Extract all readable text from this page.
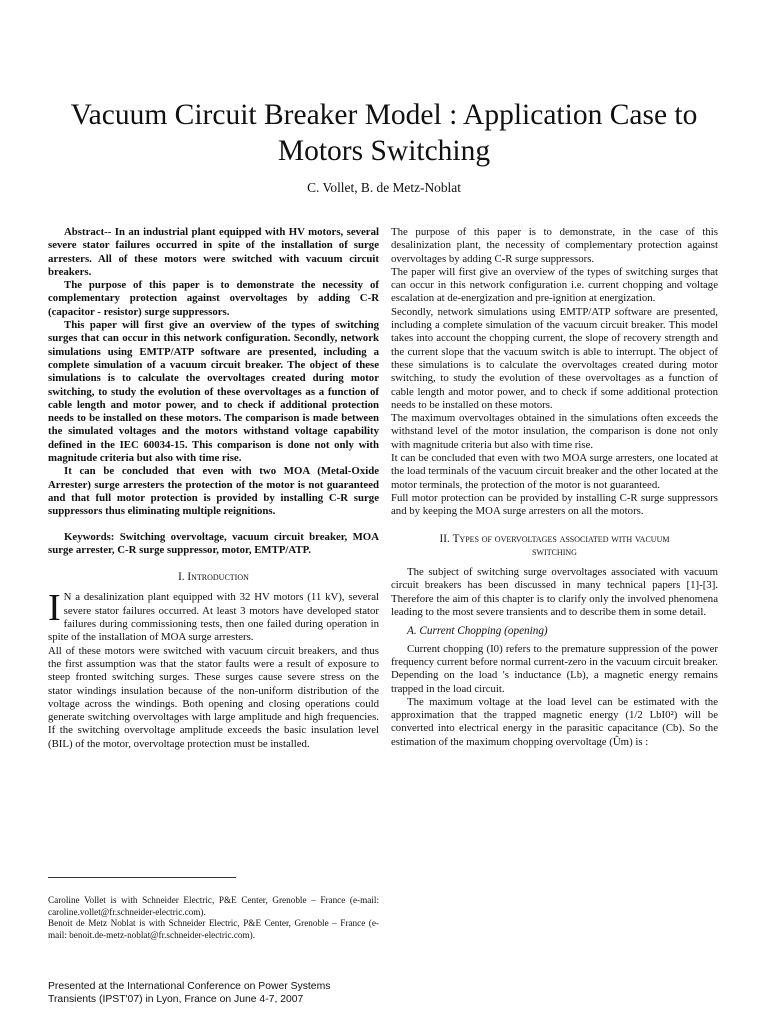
Vacuum Circuit Breaker Model : Application Case to Motors Switching
C. Vollet, B. de Metz-Noblat

Abstract-- In an industrial plant equipped with HV motors, several severe stator failures occurred in spite of the installation of surge arresters. All of these motors were switched with vacuum circuit breakers.

The purpose of this paper is to demonstrate the necessity of complementary protection against overvoltages by adding C-R (capacitor - resistor) surge suppressors.

This paper will first give an overview of the types of switching surges that can occur in this network configuration. Secondly, network simulations using EMTP/ATP software are presented, including a complete simulation of a vacuum circuit breaker. The object of these simulations is to calculate the overvoltages created during motor switching, to study the evolution of these overvoltages as a function of cable length and motor power, and to check if additional protection needs to be installed on these motors. The comparison is made between the simulated voltages and the motors withstand voltage capability defined in the IEC 60034-15. This comparison is done not only with magnitude criteria but also with time rise.

It can be concluded that even with two MOA (Metal-Oxide Arrester) surge arresters the protection of the motor is not guaranteed and that full motor protection is provided by installing C-R surge suppressors thus eliminating multiple reignitions.

Keywords: Switching overvoltage, vacuum circuit breaker, MOA surge arrester, C-R surge suppressor, motor, EMTP/ATP.

I. Introduction

I N a desalinization plant equipped with 32 HV motors (11 kV), several severe stator failures occurred. At least 3 motors have developed stator failures during commissioning tests, then one failed during operation in spite of the installation of MOA surge arresters.

All of these motors were switched with vacuum circuit breakers, and thus the first assumption was that the stator faults were a result of exposure to steep fronted switching surges. These surges cause severe stress on the stator windings insulation because of the non-uniform distribution of the voltage across the windings. Both opening and closing operations could generate switching overvoltages with large amplitude and high frequencies. If the switching overvoltage amplitude exceeds the basic insulation level (BIL) of the motor, overvoltage protection must be installed.

Caroline Vollet is with Schneider Electric, P&E Center, Grenoble – France (e-mail: caroline.vollet@fr.schneider-electric.com).

Benoit de Metz Noblat is with Schneider Electric, P&E Center, Grenoble – France (e-mail: benoit.de-metz-noblat@fr.schneider-electric.com).

Presented at the International Conference on Power Systems Transients (IPST'07) in Lyon, France on June 4-7, 2007

The purpose of this paper is to demonstrate, in the case of this desalinization plant, the necessity of complementary protection against overvoltages by adding C-R surge suppressors.

The paper will first give an overview of the types of switching surges that can occur in this network configuration i.e. current chopping and voltage escalation at de-energization and pre-ignition at energization.

Secondly, network simulations using EMTP/ATP software are presented, including a complete simulation of the vacuum circuit breaker. This model takes into account the chopping current, the slope of recovery strength and the current slope that the vacuum switch is able to interrupt. The object of these simulations is to calculate the overvoltages created during motor switching, to study the evolution of these overvoltages as a function of cable length and motor power, and to check if some additional protection needs to be installed on these motors.

The maximum overvoltages obtained in the simulations often exceeds the withstand level of the motor insulation, the comparison is done not only with magnitude criteria but also with time rise.

It can be concluded that even with two MOA surge arresters, one located at the load terminals of the vacuum circuit breaker and the other located at the motor terminals, the protection of the motor is not guaranteed.

Full motor protection can be provided by installing C-R surge suppressors and by keeping the MOA surge arresters on all the motors.

II. Types of overvoltages associated with vacuum
switching

The subject of switching surge overvoltages associated with vacuum circuit breakers has been discussed in many technical papers [1]-[3]. Therefore the aim of this chapter is to clarify only the involved phenomena leading to the most severe transients and to describe them in some detail.

A. Current Chopping (opening)

Current chopping (I0) refers to the premature suppression of the power frequency current before normal current-zero in the vacuum circuit breaker. Depending on the load 's inductance (Lb), a magnetic energy remains trapped in the load circuit.

The maximum voltage at the load level can be estimated with the approximation that the trapped magnetic energy (1/2 LbI0²) will be converted into electrical energy in the parasitic capacitance (Cb). So the estimation of the maximum chopping overvoltage (Ûm) is :
